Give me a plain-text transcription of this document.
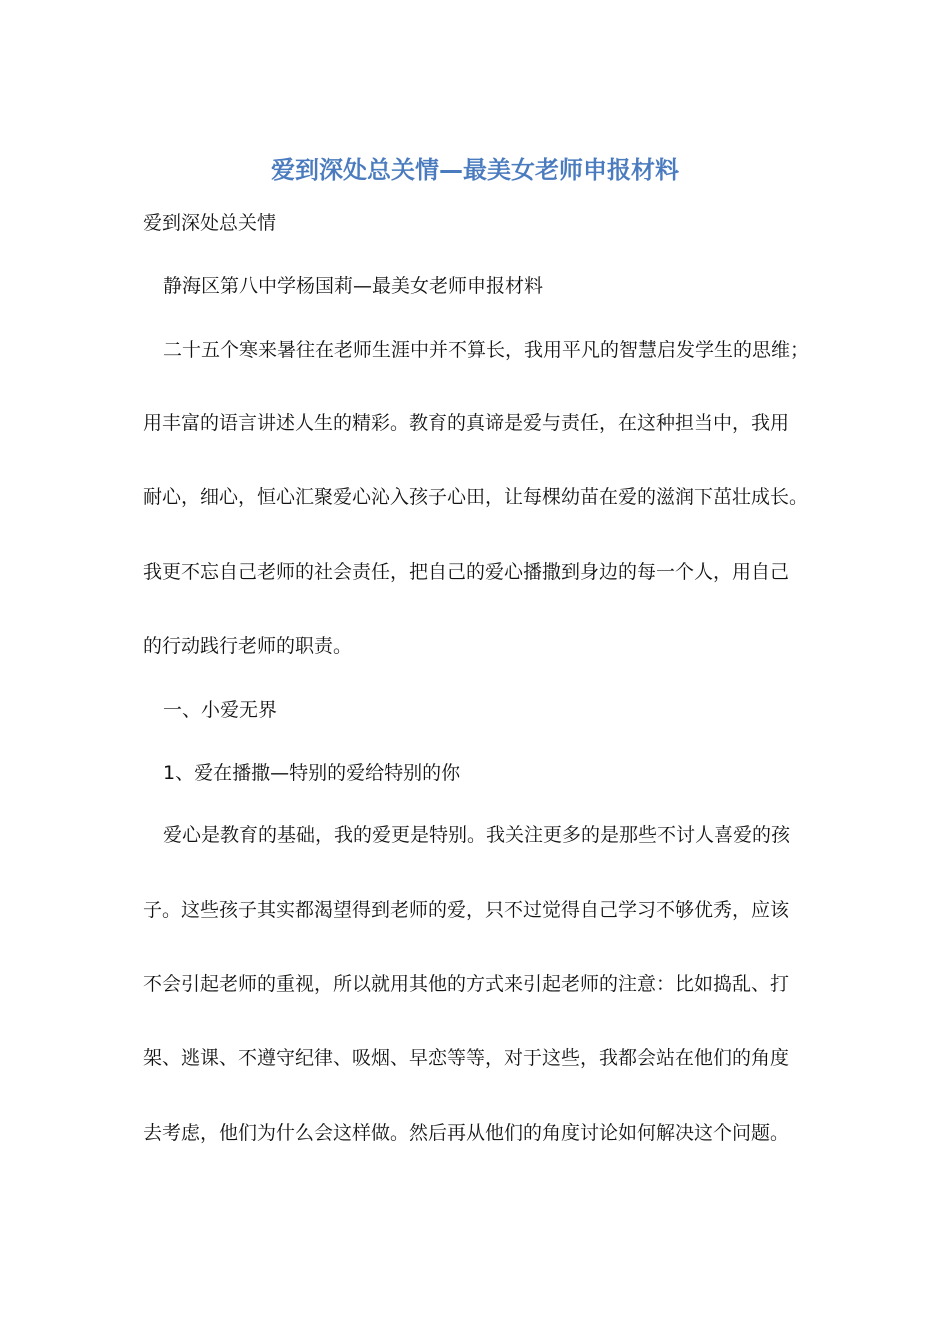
爱到深处总关情—最美女老师申报材料

爱到深处总关情

静海区第八中学杨国莉—最美女老师申报材料

二十五个寒来暑往在老师生涯中并不算长，我用平凡的智慧启发学生的思维；

用丰富的语言讲述人生的精彩。教育的真谛是爱与责任，在这种担当中，我用

耐心，细心，恒心汇聚爱心沁入孩子心田，让每棵幼苗在爱的滋润下茁壮成长。

我更不忘自己老师的社会责任，把自己的爱心播撒到身边的每一个人，用自己

的行动践行老师的职责。

一、小爱无界

1、爱在播撒—特别的爱给特别的你

爱心是教育的基础，我的爱更是特别。我关注更多的是那些不讨人喜爱的孩

子。这些孩子其实都渴望得到老师的爱，只不过觉得自己学习不够优秀，应该

不会引起老师的重视，所以就用其他的方式来引起老师的注意：比如捣乱、打

架、逃课、不遵守纪律、吸烟、早恋等等，对于这些，我都会站在他们的角度

去考虑，他们为什么会这样做。然后再从他们的角度讨论如何解决这个问题。
